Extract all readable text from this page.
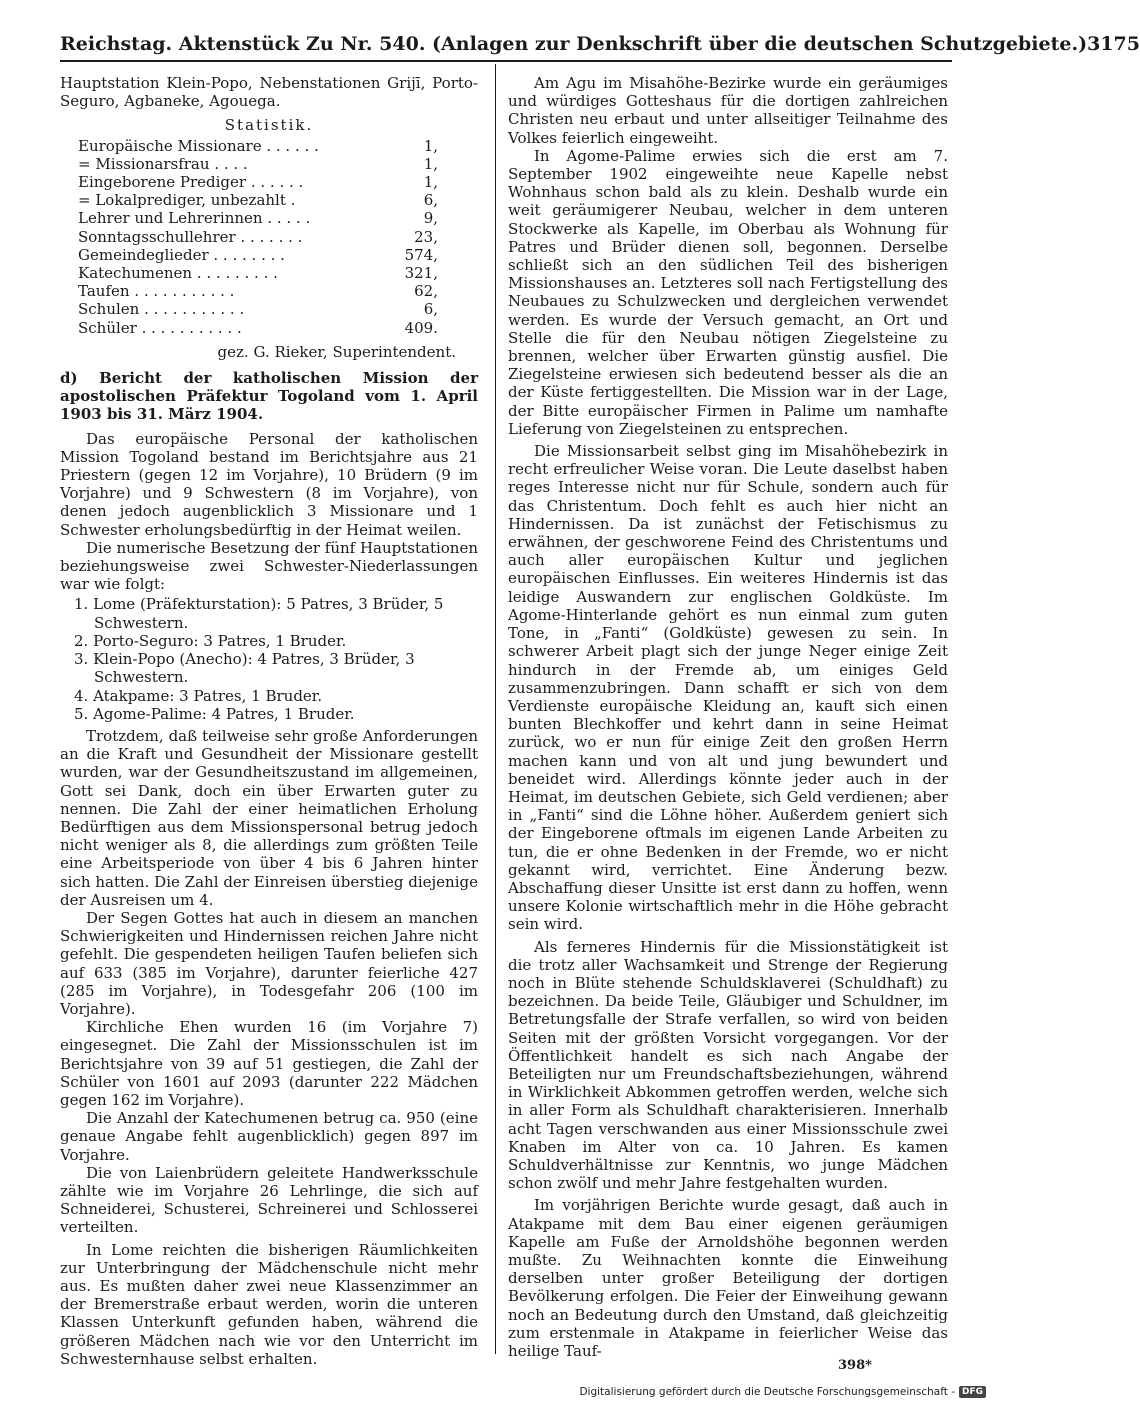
Reichstag. Aktenstück Zu Nr. 540. (Anlagen zur Denkschrift über die deutschen Schutzgebiete.) 3175

Hauptstation Klein-Popo, Nebenstationen Grijī, Porto-Seguro, Agbaneke, Agouega.

Statistik.
Europäische Missionare . . . . . .	1,
= Missionarsfrau . . . .	1,
Eingeborene Prediger . . . . . .	1,
= Lokalprediger, unbezahlt .	6,
Lehrer und Lehrerinnen . . . . .	9,
Sonntagsschullehrer . . . . . . .	23,
Gemeindeglieder . . . . . . . .	574,
Katechumenen . . . . . . . . .	321,
Taufen . . . . . . . . . . .	62,
Schulen . . . . . . . . . . .	6,
Schüler . . . . . . . . . . .	409.
gez. G. Rieker, Superintendent.

d) Bericht der katholischen Mission der apostolischen Präfektur Togoland vom 1. April 1903 bis 31. März 1904.

Das europäische Personal der katholischen Mission Togoland bestand im Berichtsjahre aus 21 Priestern (gegen 12 im Vorjahre), 10 Brüdern (9 im Vorjahre) und 9 Schwestern (8 im Vorjahre), von denen jedoch augenblicklich 3 Missionare und 1 Schwester erholungsbedürftig in der Heimat weilen.

Die numerische Besetzung der fünf Hauptstationen beziehungsweise zwei Schwester-Niederlassungen war wie folgt:

1. Lome (Präfekturstation): 5 Patres, 3 Brüder, 5 Schwestern.
2. Porto-Seguro: 3 Patres, 1 Bruder.
3. Klein-Popo (Anecho): 4 Patres, 3 Brüder, 3 Schwestern.
4. Atakpame: 3 Patres, 1 Bruder.
5. Agome-Palime: 4 Patres, 1 Bruder.

Trotzdem, daß teilweise sehr große Anforderungen an die Kraft und Gesundheit der Missionare gestellt wurden, war der Gesundheitszustand im allgemeinen, Gott sei Dank, doch ein über Erwarten guter zu nennen. Die Zahl der einer heimatlichen Erholung Bedürftigen aus dem Missionspersonal betrug jedoch nicht weniger als 8, die allerdings zum größten Teile eine Arbeitsperiode von über 4 bis 6 Jahren hinter sich hatten. Die Zahl der Einreisen überstieg diejenige der Ausreisen um 4.

Der Segen Gottes hat auch in diesem an manchen Schwierigkeiten und Hindernissen reichen Jahre nicht gefehlt. Die gespendeten heiligen Taufen beliefen sich auf 633 (385 im Vorjahre), darunter feierliche 427 (285 im Vorjahre), in Todesgefahr 206 (100 im Vorjahre).

Kirchliche Ehen wurden 16 (im Vorjahre 7) eingesegnet. Die Zahl der Missionsschulen ist im Berichtsjahre von 39 auf 51 gestiegen, die Zahl der Schüler von 1601 auf 2093 (darunter 222 Mädchen gegen 162 im Vorjahre).

Die Anzahl der Katechumenen betrug ca. 950 (eine genaue Angabe fehlt augenblicklich) gegen 897 im Vorjahre.

Die von Laienbrüdern geleitete Handwerksschule zählte wie im Vorjahre 26 Lehrlinge, die sich auf Schneiderei, Schusterei, Schreinerei und Schlosserei verteilten.

In Lome reichten die bisherigen Räumlichkeiten zur Unterbringung der Mädchenschule nicht mehr aus. Es mußten daher zwei neue Klassenzimmer an der Bremerstraße erbaut werden, worin die unteren Klassen Unterkunft gefunden haben, während die größeren Mädchen nach wie vor den Unterricht im Schwesternhause selbst erhalten.

Am Agu im Misahöhe-Bezirke wurde ein geräumiges und würdiges Gotteshaus für die dortigen zahlreichen Christen neu erbaut und unter allseitiger Teilnahme des Volkes feierlich eingeweiht.

In Agome-Palime erwies sich die erst am 7. September 1902 eingeweihte neue Kapelle nebst Wohnhaus schon bald als zu klein. Deshalb wurde ein weit geräumigerer Neubau, welcher in dem unteren Stockwerke als Kapelle, im Oberbau als Wohnung für Patres und Brüder dienen soll, begonnen. Derselbe schließt sich an den südlichen Teil des bisherigen Missionshauses an. Letzteres soll nach Fertigstellung des Neubaues zu Schulzwecken und dergleichen verwendet werden. Es wurde der Versuch gemacht, an Ort und Stelle die für den Neubau nötigen Ziegelsteine zu brennen, welcher über Erwarten günstig ausfiel. Die Ziegelsteine erwiesen sich bedeutend besser als die an der Küste fertiggestellten. Die Mission war in der Lage, der Bitte europäischer Firmen in Palime um namhafte Lieferung von Ziegelsteinen zu entsprechen.

Die Missionsarbeit selbst ging im Misahöhebezirk in recht erfreulicher Weise voran. Die Leute daselbst haben reges Interesse nicht nur für Schule, sondern auch für das Christentum. Doch fehlt es auch hier nicht an Hindernissen. Da ist zunächst der Fetischismus zu erwähnen, der geschworene Feind des Christentums und auch aller europäischen Kultur und jeglichen europäischen Einflusses. Ein weiteres Hindernis ist das leidige Auswandern zur englischen Goldküste. Im Agome-Hinterlande gehört es nun einmal zum guten Tone, in „Fanti“ (Goldküste) gewesen zu sein. In schwerer Arbeit plagt sich der junge Neger einige Zeit hindurch in der Fremde ab, um einiges Geld zusammenzubringen. Dann schafft er sich von dem Verdienste europäische Kleidung an, kauft sich einen bunten Blechkoffer und kehrt dann in seine Heimat zurück, wo er nun für einige Zeit den großen Herrn machen kann und von alt und jung bewundert und beneidet wird. Allerdings könnte jeder auch in der Heimat, im deutschen Gebiete, sich Geld verdienen; aber in „Fanti“ sind die Löhne höher. Außerdem geniert sich der Eingeborene oftmals im eigenen Lande Arbeiten zu tun, die er ohne Bedenken in der Fremde, wo er nicht gekannt wird, verrichtet. Eine Änderung bezw. Abschaffung dieser Unsitte ist erst dann zu hoffen, wenn unsere Kolonie wirtschaftlich mehr in die Höhe gebracht sein wird.

Als ferneres Hindernis für die Missionstätigkeit ist die trotz aller Wachsamkeit und Strenge der Regierung noch in Blüte stehende Schuldsklaverei (Schuldhaft) zu bezeichnen. Da beide Teile, Gläubiger und Schuldner, im Betretungsfalle der Strafe verfallen, so wird von beiden Seiten mit der größten Vorsicht vorgegangen. Vor der Öffentlichkeit handelt es sich nach Angabe der Beteiligten nur um Freundschaftsbeziehungen, während in Wirklichkeit Abkommen getroffen werden, welche sich in aller Form als Schuldhaft charakterisieren. Innerhalb acht Tagen verschwanden aus einer Missionsschule zwei Knaben im Alter von ca. 10 Jahren. Es kamen Schuldverhältnisse zur Kenntnis, wo junge Mädchen schon zwölf und mehr Jahre festgehalten wurden.

Im vorjährigen Berichte wurde gesagt, daß auch in Atakpame mit dem Bau einer eigenen geräumigen Kapelle am Fuße der Arnoldshöhe begonnen werden mußte. Zu Weihnachten konnte die Einweihung derselben unter großer Beteiligung der dortigen Bevölkerung erfolgen. Die Feier der Einweihung gewann noch an Bedeutung durch den Umstand, daß gleichzeitig zum erstenmale in Atakpame in feierlicher Weise das heilige Tauf-

398*
Digitalisierung gefördert durch die Deutsche Forschungsgemeinschaft - DFG
